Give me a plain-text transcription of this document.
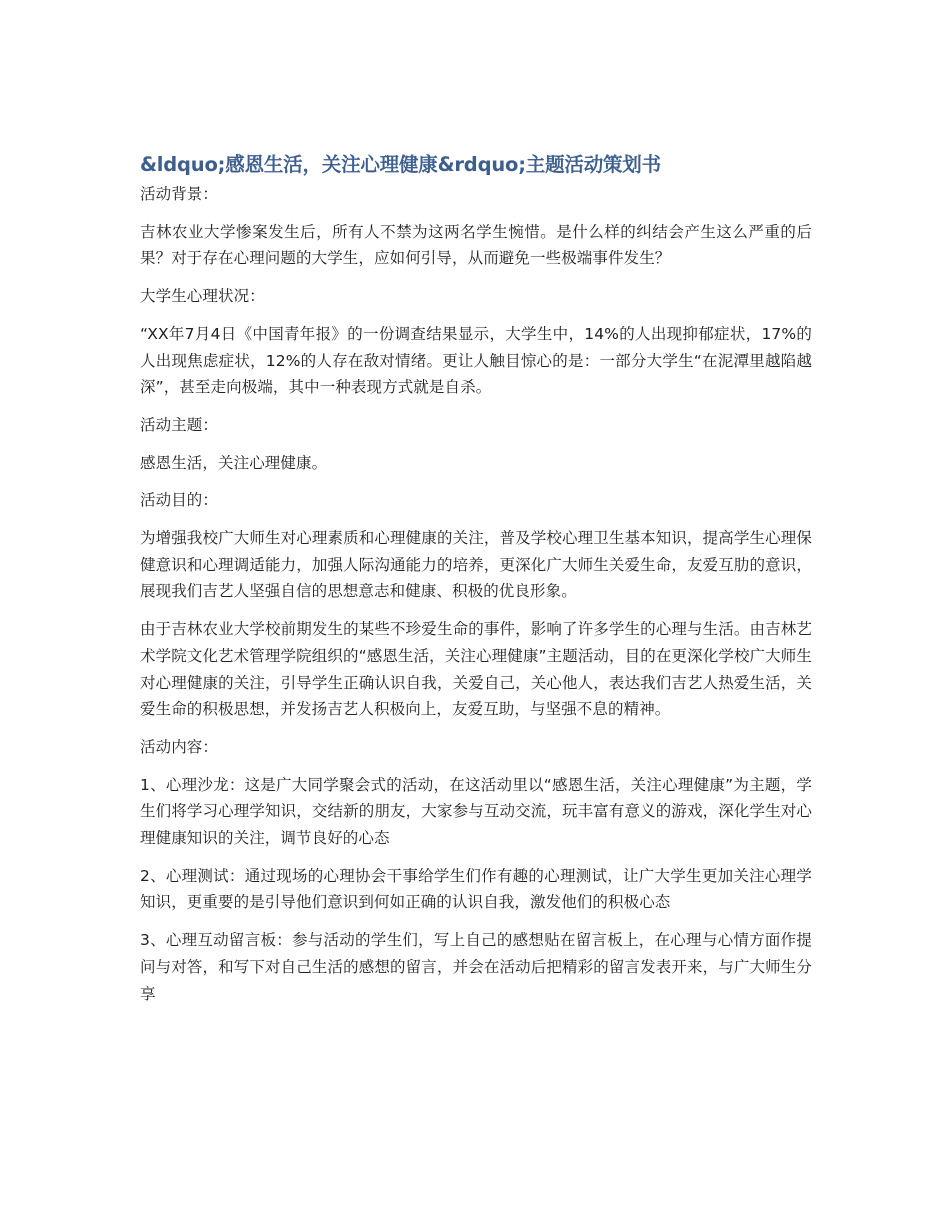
&ldquo;感恩生活，关注心理健康&rdquo;主题活动策划书

活动背景：

吉林农业大学惨案发生后，所有人不禁为这两名学生惋惜。是什么样的纠结会产生这么严重的后果？对于存在心理问题的大学生，应如何引导，从而避免一些极端事件发生？

大学生心理状况：

“XX年7月4日《中国青年报》的一份调查结果显示，大学生中，14%的人出现抑郁症状，17%的人出现焦虑症状，12%的人存在敌对情绪。更让人触目惊心的是：一部分大学生“在泥潭里越陷越深”，甚至走向极端，其中一种表现方式就是自杀。

活动主题：

感恩生活，关注心理健康。

活动目的：

为增强我校广大师生对心理素质和心理健康的关注，普及学校心理卫生基本知识，提高学生心理保健意识和心理调适能力，加强人际沟通能力的培养，更深化广大师生关爱生命，友爱互肋的意识，展现我们吉艺人坚强自信的思想意志和健康、积极的优良形象。

由于吉林农业大学校前期发生的某些不珍爱生命的事件，影响了许多学生的心理与生活。由吉林艺术学院文化艺术管理学院组织的“感恩生活，关注心理健康”主题活动，目的在更深化学校广大师生对心理健康的关注，引导学生正确认识自我，关爱自己，关心他人，表达我们吉艺人热爱生活，关爱生命的积极思想，并发扬吉艺人积极向上，友爱互助，与坚强不息的精神。

活动内容：

1、心理沙龙：这是广大同学聚会式的活动，在这活动里以“感恩生活，关注心理健康”为主题，学生们将学习心理学知识，交结新的朋友，大家参与互动交流，玩丰富有意义的游戏，深化学生对心理健康知识的关注，调节良好的心态

2、心理测试：通过现场的心理协会干事给学生们作有趣的心理测试，让广大学生更加关注心理学知识，更重要的是引导他们意识到何如正确的认识自我，激发他们的积极心态

3、心理互动留言板：参与活动的学生们，写上自己的感想贴在留言板上，在心理与心情方面作提问与对答，和写下对自己生活的感想的留言，并会在活动后把精彩的留言发表开来，与广大师生分享
